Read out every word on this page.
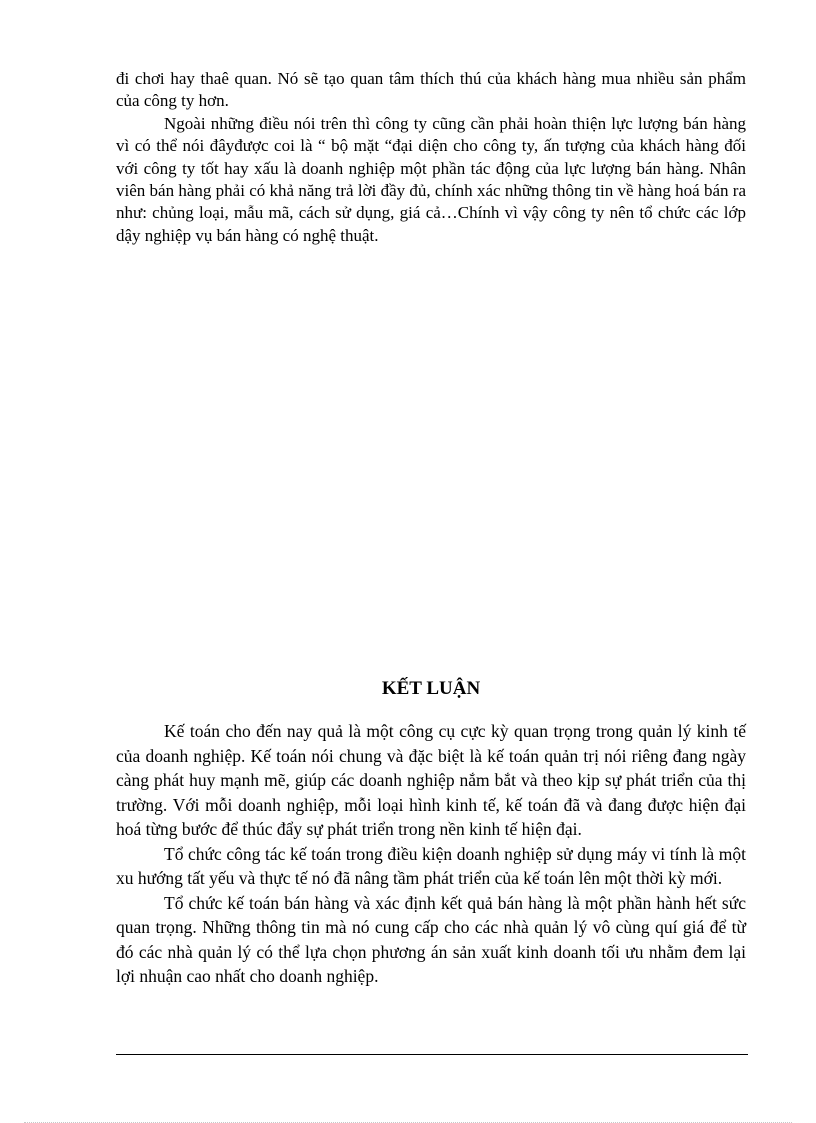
đi chơi hay thaê quan. Nó sẽ tạo quan tâm thích thú của khách hàng mua nhiều sản phẩm của công ty hơn.

Ngoài những điều nói trên thì công ty cũng cần phải hoàn thiện lực lượng bán hàng vì có thể nói đâyđược coi là “ bộ mặt “đại diện cho công ty, ấn tượng của khách hàng đối với công ty tốt hay xấu là doanh nghiệp một phần tác động của lực lượng bán hàng. Nhân viên bán hàng phải có khả năng trả lời đầy đủ, chính xác những thông tin về hàng hoá bán ra như: chủng loại, mẫu mã, cách sử dụng, giá cả…Chính vì vậy công ty nên tổ chức các lớp dậy nghiệp vụ bán hàng có nghệ thuật.

KẾT LUẬN

Kế toán cho đến nay quả là một công cụ cực kỳ quan trọng trong quản lý kinh tế của doanh nghiệp. Kế toán nói chung và đặc biệt là kế toán quản trị nói riêng đang ngày càng phát huy mạnh mẽ, giúp các doanh nghiệp nắm bắt và theo kịp sự phát triển của thị trường. Với mỗi doanh nghiệp, mỗi loại hình kinh tế, kế toán đã và đang được hiện đại hoá từng bước để thúc đẩy sự phát triển trong nền kinh tế hiện đại.

Tổ chức công tác kế toán trong điều kiện doanh nghiệp sử dụng máy vi tính là một xu hướng tất yếu và thực tế nó đã nâng tầm phát triển của kế toán lên một thời kỳ mới.

Tổ chức kế toán bán hàng và xác định kết quả bán hàng là một phần hành hết sức quan trọng. Những thông tin mà nó cung cấp cho các nhà quản lý vô cùng quí giá để từ đó các nhà quản lý có thể lựa chọn phương án sản xuất kinh doanh tối ưu nhằm đem lại lợi nhuận cao nhất cho doanh nghiệp.
